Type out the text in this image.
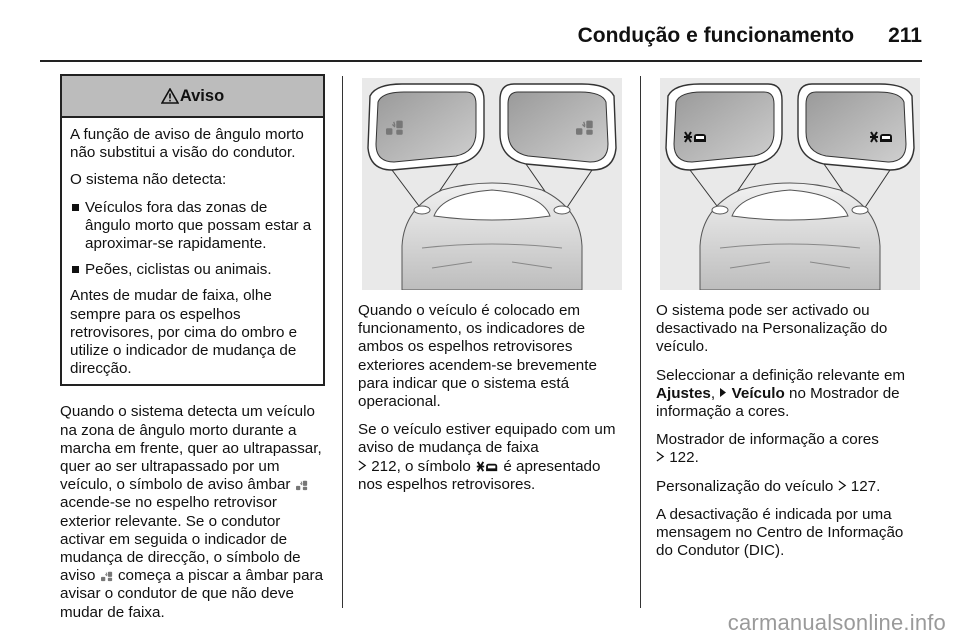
Condução e funcionamento 211
Aviso

A função de aviso de ângulo morto não substitui a visão do condutor.

O sistema não detecta:

Veículos fora das zonas de ângulo morto que possam estar a aproximar-se rapidamente.
Peões, ciclistas ou animais.

Antes de mudar de faixa, olhe sempre para os espelhos retrovisores, por cima do ombro e utilize o indicador de mudança de direcção.

Quando o sistema detecta um veículo na zona de ângulo morto durante a marcha em frente, quer ao ultrapassar, quer ao ser ultrapassado por um veículo, o símbolo de aviso âmbar  acende-se no espelho retrovisor exterior relevante. Se o condutor activar em seguida o indicador de mudança de direcção, o símbolo de aviso começa a piscar a âmbar para avisar o condutor de que não deve mudar de faixa.

Quando o veículo é colocado em funcionamento, os indicadores de ambos os espelhos retrovisores exteriores acendem-se brevemente para indicar que o sistema está operacional.

Se o veículo estiver equipado com um aviso de mudança de faixa
212, o símbolo é apresentado nos espelhos retrovisores.

O sistema pode ser activado ou desactivado na Personalização do veículo.

Seleccionar a definição relevante em Ajustes, Veículo no Mostrador de informação a cores.

Mostrador de informação a cores
122.

Personalização do veículo 127.

A desactivação é indicada por uma mensagem no Centro de Informação do Condutor (DIC).

carmanualsonline.info
